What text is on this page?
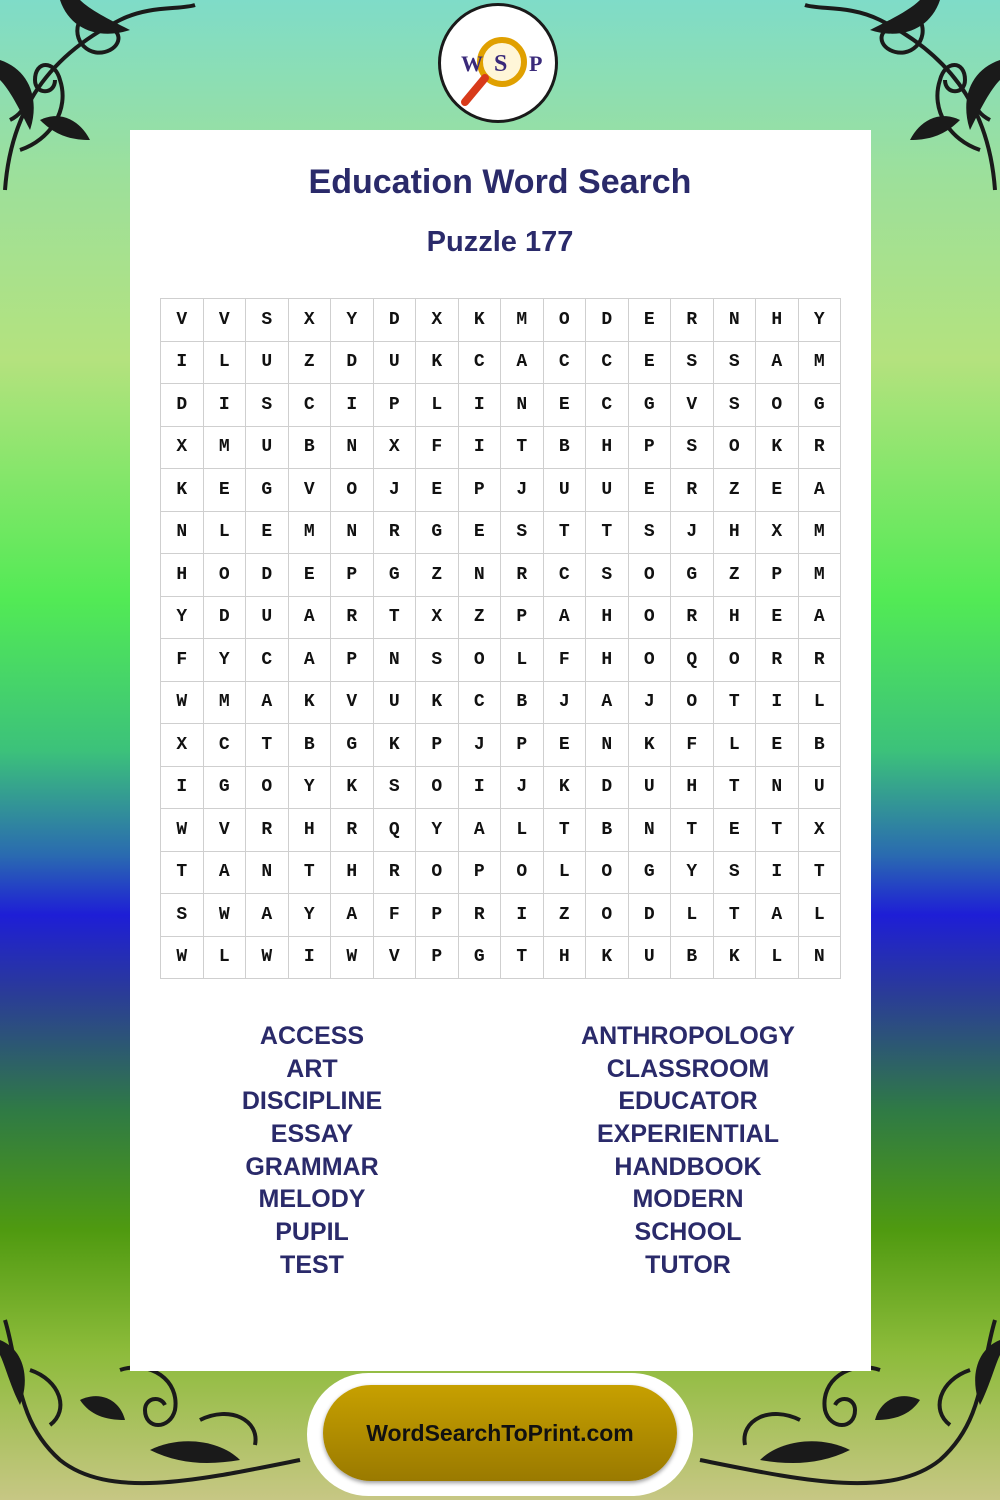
W S P
Education Word Search
Puzzle 177
V	V	S	X	Y	D	X	K	M	O	D	E	R	N	H	Y
I	L	U	Z	D	U	K	C	A	C	C	E	S	S	A	M
D	I	S	C	I	P	L	I	N	E	C	G	V	S	O	G
X	M	U	B	N	X	F	I	T	B	H	P	S	O	K	R
K	E	G	V	O	J	E	P	J	U	U	E	R	Z	E	A
N	L	E	M	N	R	G	E	S	T	T	S	J	H	X	M
H	O	D	E	P	G	Z	N	R	C	S	O	G	Z	P	M
Y	D	U	A	R	T	X	Z	P	A	H	O	R	H	E	A
F	Y	C	A	P	N	S	O	L	F	H	O	Q	O	R	R
W	M	A	K	V	U	K	C	B	J	A	J	O	T	I	L
X	C	T	B	G	K	P	J	P	E	N	K	F	L	E	B
I	G	O	Y	K	S	O	I	J	K	D	U	H	T	N	U
W	V	R	H	R	Q	Y	A	L	T	B	N	T	E	T	X
T	A	N	T	H	R	O	P	O	L	O	G	Y	S	I	T
S	W	A	Y	A	F	P	R	I	Z	O	D	L	T	A	L
W	L	W	I	W	V	P	G	T	H	K	U	B	K	L	N
ACCESS
ART
DISCIPLINE
ESSAY
GRAMMAR
MELODY
PUPIL
TEST
ANTHROPOLOGY
CLASSROOM
EDUCATOR
EXPERIENTIAL
HANDBOOK
MODERN
SCHOOL
TUTOR
WordSearchToPrint.com
